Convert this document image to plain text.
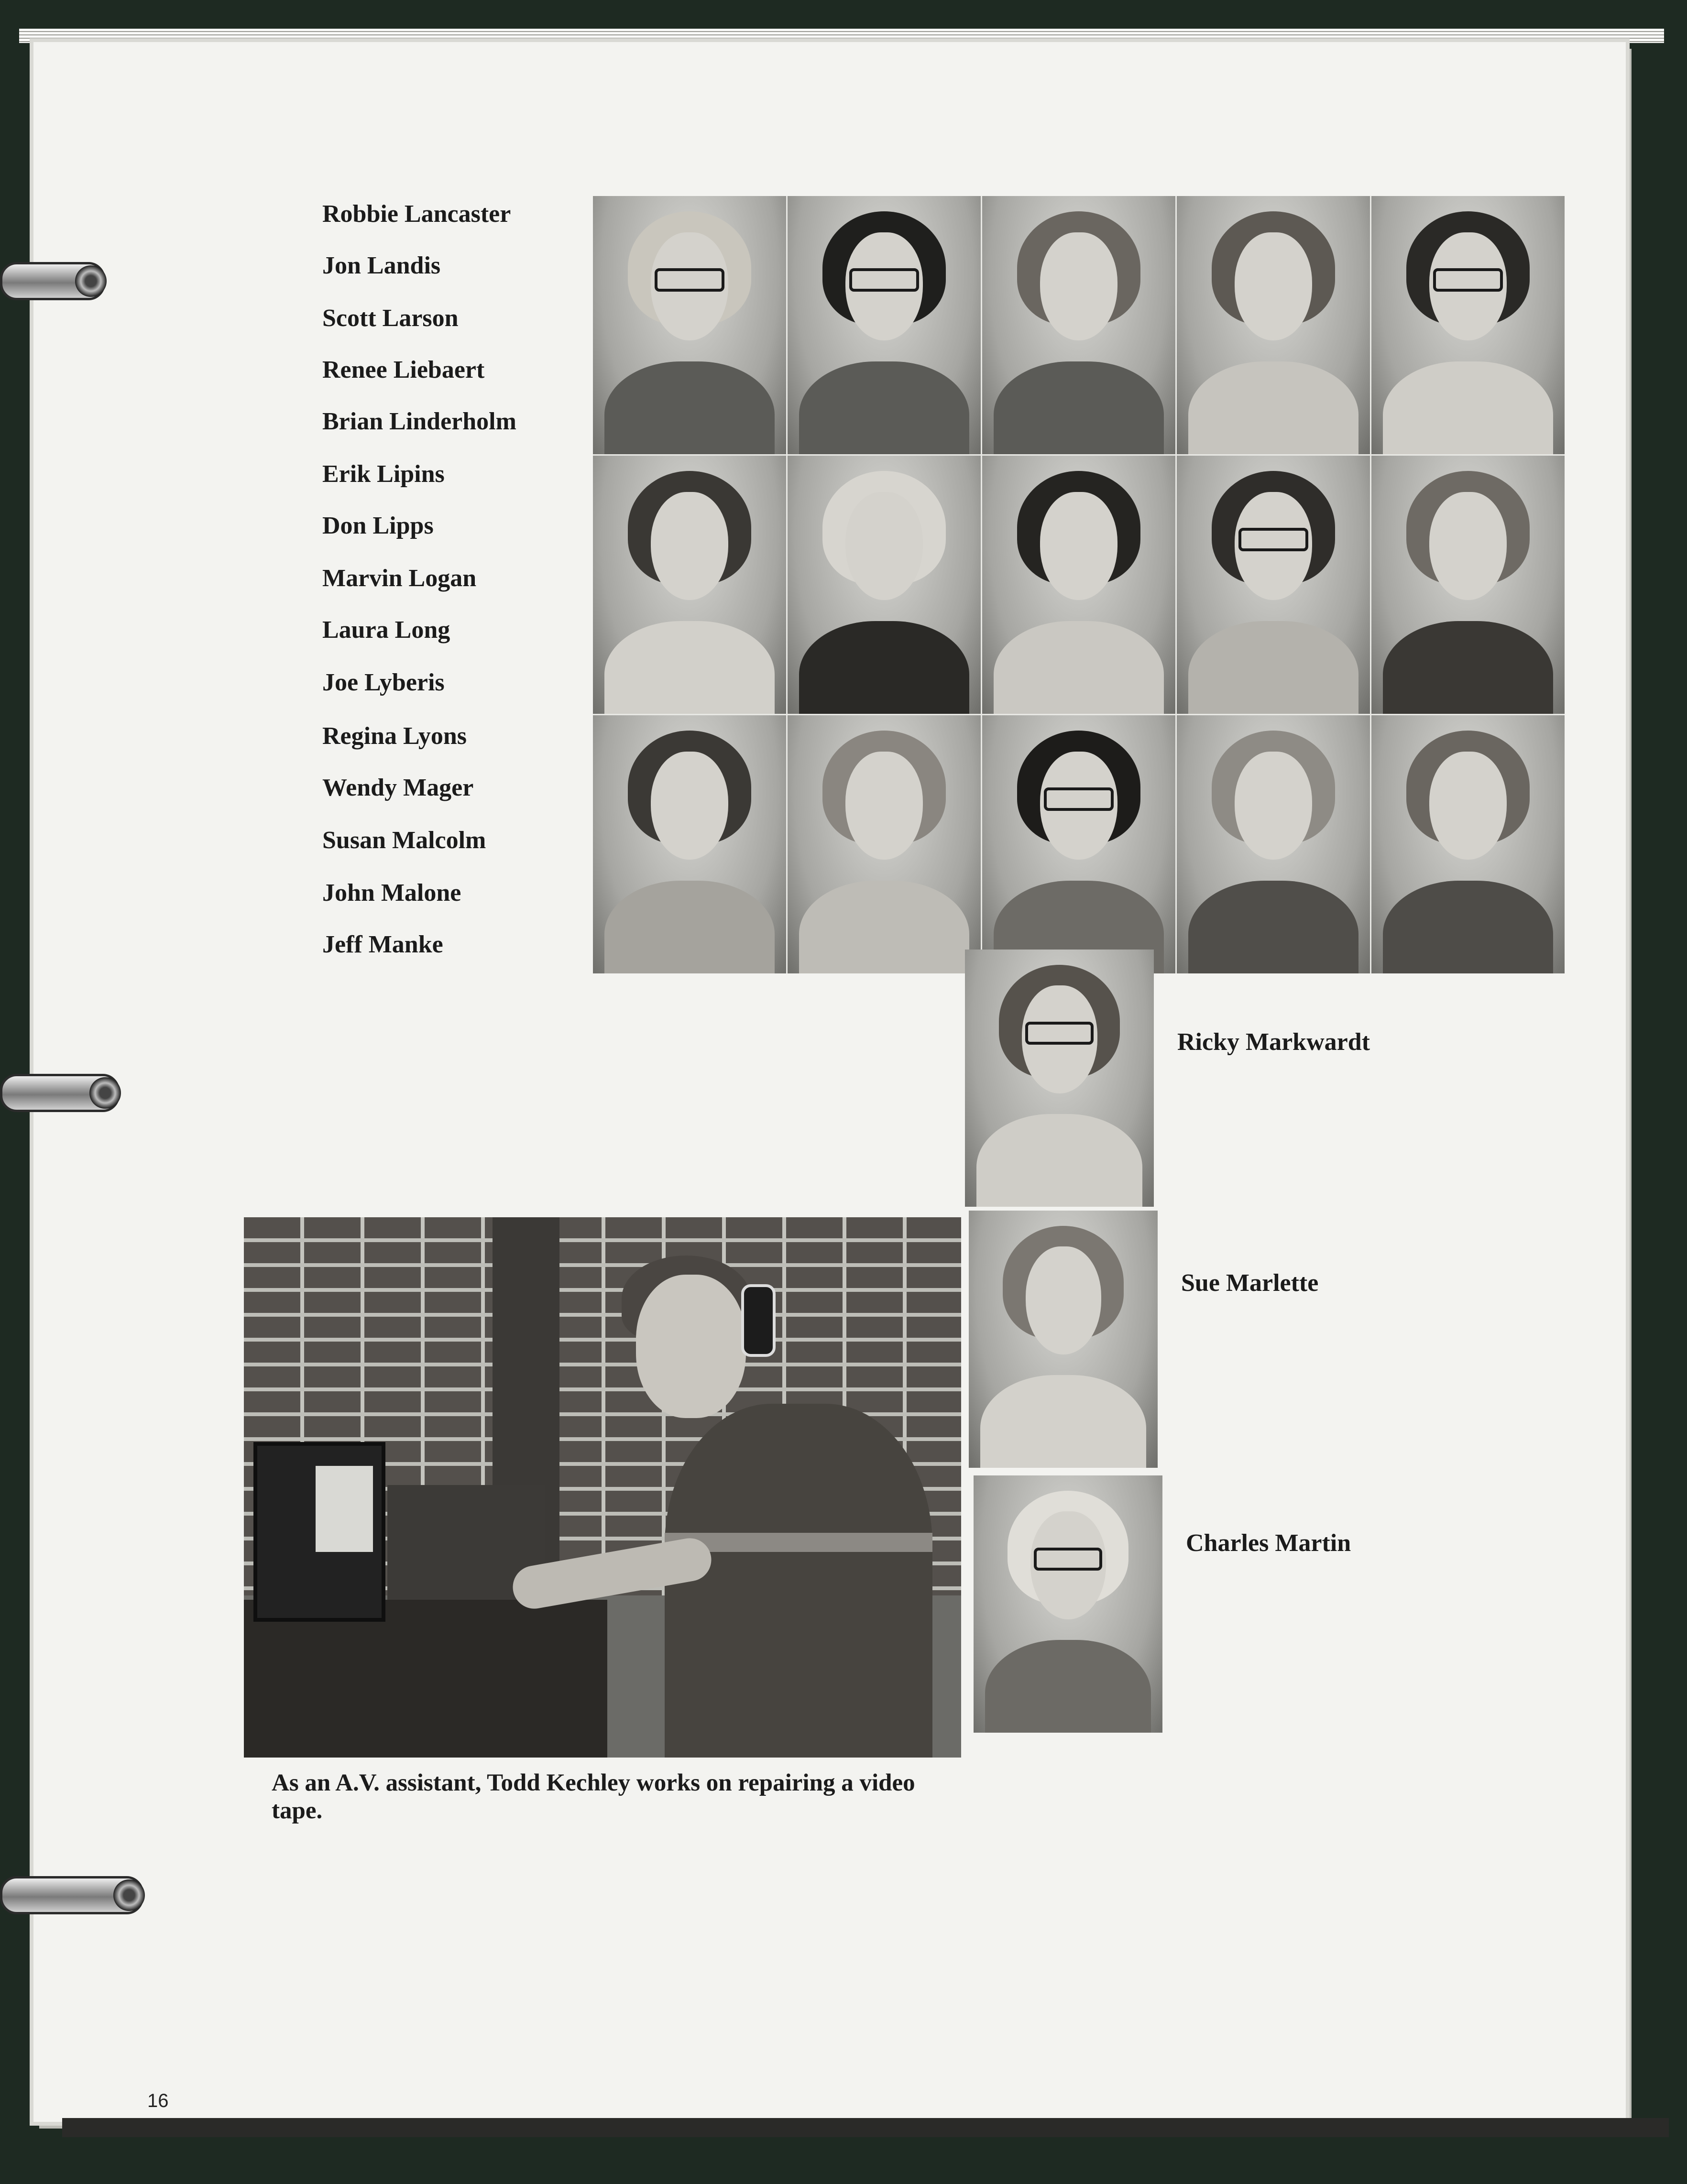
Robbie Lancaster
Jon Landis
Scott Larson
Renee Liebaert
Brian Linderholm
Erik Lipins
Don Lipps
Marvin Logan
Laura Long
Joe Lyberis
Regina Lyons
Wendy Mager
Susan Malcolm
John Malone
Jeff Manke
Ricky Markwardt
Sue Marlette
Charles Martin
As an A.V. assistant, Todd Kechley works on repairing a video tape.
16
